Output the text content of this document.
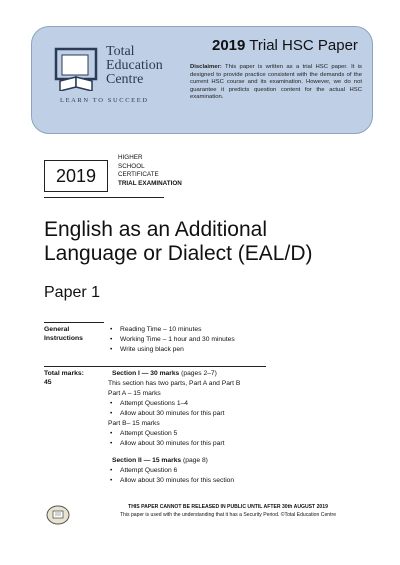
Total
Education
Centre
LEARN TO SUCCEED
2019 Trial HSC Paper
Disclaimer: This paper is written as a trial HSC paper. It is designed to provide practice consistent with the demands of the current HSC course and its examination. However, we do not guarantee it predicts question content for the actual HSC examination.
2019
HIGHER
SCHOOL
CERTIFICATE
TRIAL EXAMINATION
English as an Additional
Language or Dialect (EAL/D)
Paper 1
General
Instructions
• Reading Time – 10 minutes
• Working Time – 1 hour and 30 minutes
• Write using black pen
Total marks:
45

Section I — 30 marks (pages 2–7)

This section has two parts, Part A and Part B

Part A – 15 marks

• Attempt Questions 1–4
• Allow about 30 minutes for this part

Part B– 15 marks

• Attempt Question 5
• Allow about 30 minutes for this part

Section II — 15 marks (page 8)

• Attempt Question 6
• Allow about 30 minutes for this section
THIS PAPER CANNOT BE RELEASED IN PUBLIC UNTIL AFTER 30th AUGUST 2019
This paper is used with the understanding that it has a Security Period. ©Total Education Centre
